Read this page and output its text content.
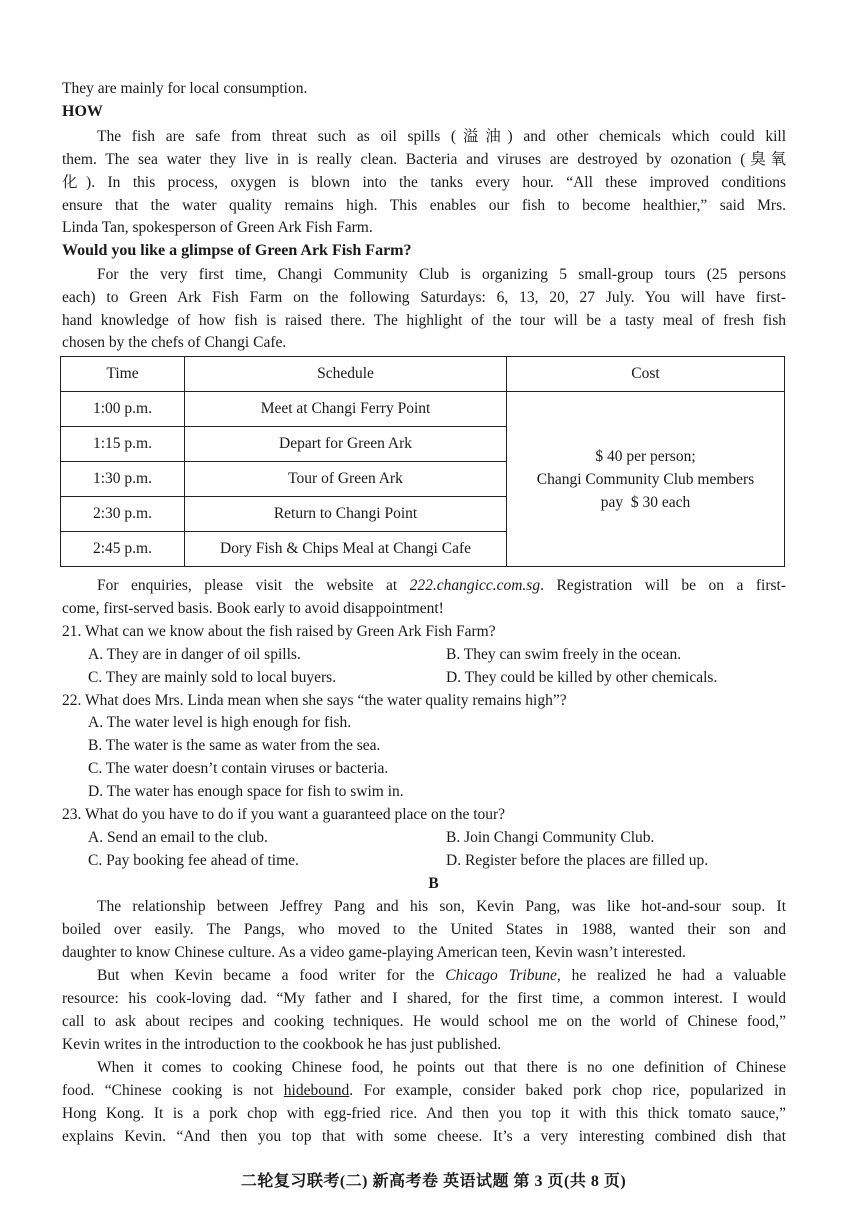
They are mainly for local consumption.
HOW
The fish are safe from threat such as oil spills (溢油) and other chemicals which could kill
them. The sea water they live in is really clean. Bacteria and viruses are destroyed by ozonation (臭氧
化). In this process, oxygen is blown into the tanks every hour. “All these improved conditions
ensure that the water quality remains high. This enables our fish to become healthier,” said Mrs.
Linda Tan, spokesperson of Green Ark Fish Farm.
Would you like a glimpse of Green Ark Fish Farm?
For the very first time, Changi Community Club is organizing 5 small-group tours (25 persons
each) to Green Ark Fish Farm on the following Saturdays: 6, 13, 20, 27 July. You will have first-
hand knowledge of how fish is raised there. The highlight of the tour will be a tasty meal of fresh fish
chosen by the chefs of Changi Cafe.
Time	Schedule	Cost
1:00 p.m.	Meet at Changi Ferry Point	$ 40 per person;
Changi Community Club members
pay  $ 30 each

1:15 p.m.	Depart for Green Ark	
1:30 p.m.	Tour of Green Ark	
2:30 p.m.	Return to Changi Point	
2:45 p.m.	Dory Fish & Chips Meal at Changi Cafe	
For enquiries, please visit the website at 222.changicc.com.sg. Registration will be on a first-
come, first-served basis. Book early to avoid disappointment!
21. What can we know about the fish raised by Green Ark Fish Farm?
A. They are in danger of oil spills.	B. They can swim freely in the ocean.
C. They are mainly sold to local buyers.	D. They could be killed by other chemicals.
22. What does Mrs. Linda mean when she says “the water quality remains high”?
A. The water level is high enough for fish.
B. The water is the same as water from the sea.
C. The water doesn’t contain viruses or bacteria.
D. The water has enough space for fish to swim in.
23. What do you have to do if you want a guaranteed place on the tour?
A. Send an email to the club.	B. Join Changi Community Club.
C. Pay booking fee ahead of time.	D. Register before the places are filled up.
B
The relationship between Jeffrey Pang and his son, Kevin Pang, was like hot-and-sour soup. It
boiled over easily. The Pangs, who moved to the United States in 1988, wanted their son and
daughter to know Chinese culture. As a video game-playing American teen, Kevin wasn’t interested.
But when Kevin became a food writer for the Chicago Tribune, he realized he had a valuable
resource: his cook-loving dad. “My father and I shared, for the first time, a common interest. I would
call to ask about recipes and cooking techniques. He would school me on the world of Chinese food,”
Kevin writes in the introduction to the cookbook he has just published.
When it comes to cooking Chinese food, he points out that there is no one definition of Chinese
food. “Chinese cooking is not hidebound. For example, consider baked pork chop rice, popularized in
Hong Kong. It is a pork chop with egg-fried rice. And then you top it with this thick tomato sauce,”
explains Kevin. “And then you top that with some cheese. It’s a very interesting combined dish that
二轮复习联考(二) 新高考卷 英语试题 第 3 页(共 8 页)
